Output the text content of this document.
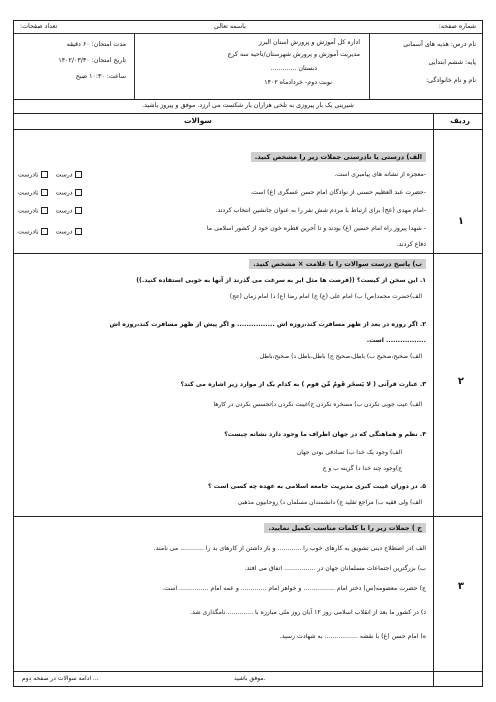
شماره صفحه:
باسمه تعالی
تعداد صفحات:
نام درس: هدیه های آسمانی
پایه: ششم ابتدایی
نام و نام خانوادگی:
اداره کل آموزش و پرورش استان البرز
مدیریت آموزش و پرورش شهرستان/ناحیه سه کرج
دبستان .............
نوبت دوم- خردادماه ۱۴۰۲
مدت امتحان: ۶۰ دقیقه
تاریخ امتحان: ۱۴۰۲/۰۳/۳۰
ساعت: ۱۰:۳۰ صبح
شیرینی یک بار پیروزی به تلخی هزاران بار شکست می ارزد. موفق و پیروز باشید.
سوالات	ردیف
۱
الف) درستی یا نادرستی جملات زیر را مشخص کنید.
-معجزه از نشانه های پیامبری است.
-حضرت عبد العظیم حسنی از نوادگان امام حسن عسگری (ع) است.
-امام مهدی (عج) برای ارتباط با مردم شش نفر را به عنوان جانشین انتخاب کردند.
- شهدا پیروز راه امام حسین (ع) بودند و تا آخرین قطره خون خود از کشور اسلامی ما
دفاع کردند.
درست   نادرست
درست   نادرست
درست   نادرست
درست   نادرست
۲
ب) پاسخ درست سوالات را با علامت × مشخص کنید.
۱. این سخن از کیست؟ ((فرصت ها مثل ابر به سرعت می گذرند از آنها به خوبی استفاده کنید.))
الف)حضرت محمد(ص) ب) امام علی (ع) ج) امام رضا (ع) د) امام زمان (عج)
۲. اگر روزه در بعد از ظهر مسافرت کند،روزه اش ................ و اگر پیش از ظهر مسافرت کند،روزه اش
................. است.
الف) صحیح،صحیح ب) باطل،صحیح ج) باطل،باطل د) صحیح،باطل
۳. عبارت قرآنی ( لا یَسخَر قَومٌ مِّن قوم ) به کدام یک از موارد زیر اشاره می کند؟
الف) عیب جویی نکردن ب) مسخره نکردن ج)غیبت نکردن د)تجسس نکردن در کارها
۴. نظم و هماهنگی که در جهان اطراف ما وجود دارد نشانه چیست؟
الف) وجود یک خدا ب) تصادفی بودن جهان
ج)وجود چند خدا د) گزینه ب و ج
۵. در دوران غیبت کبری مدیریت جامعه اسلامی به عهده چه کسی است ؟
الف) ولی فقیه ب) مراجع تقلید ج) دانشمندان مسلمان د) روحانیون مذهبی
۳
ج ) جملات زیر را با کلمات مناسب تکمیل نمایید.
الف )در اصطلاح دینی تشویق به کارهای خوب را ............ و باز داشتن از کارهای بد را ............ می نامند.
ب) بزرگترین اجتماعات مسلمانان جهان در ................ اتفاق می افتد.
ج) حضرت معصومه(س) دختر امام ................ و خواهر امام ............. و عمه امام ............... است.
د) در کشور ما بعد از انقلاب اسلامی روز ۱۲ آبان روز ملی مبارزه با ............. نامگذاری شد.
ه) امام حسن (ع) با نقشه ................. به شهادت رسید.
ادامه سوالات در صفحه دوم ...	موفق باشید.
